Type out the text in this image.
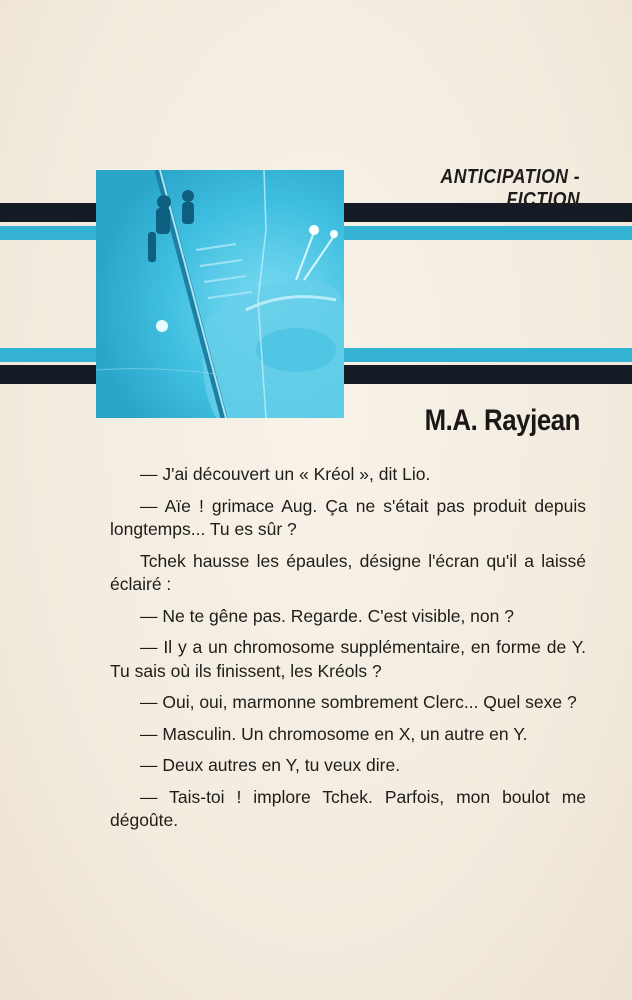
ANTICIPATION - FICTION
M.A. Rayjean

— J'ai découvert un « Kréol », dit Lio.

— Aïe ! grimace Aug. Ça ne s'était pas produit depuis longtemps... Tu es sûr ?

Tchek hausse les épaules, désigne l'écran qu'il a laissé éclairé :

— Ne te gêne pas. Regarde. C'est visible, non ?

— Il y a un chromosome supplémentaire, en forme de Y. Tu sais où ils finissent, les Kréols ?

— Oui, oui, marmonne sombrement Clerc... Quel sexe ?

— Masculin. Un chromosome en X, un autre en Y.

— Deux autres en Y, tu veux dire.

— Tais-toi ! implore Tchek. Parfois, mon boulot me dégoûte.
